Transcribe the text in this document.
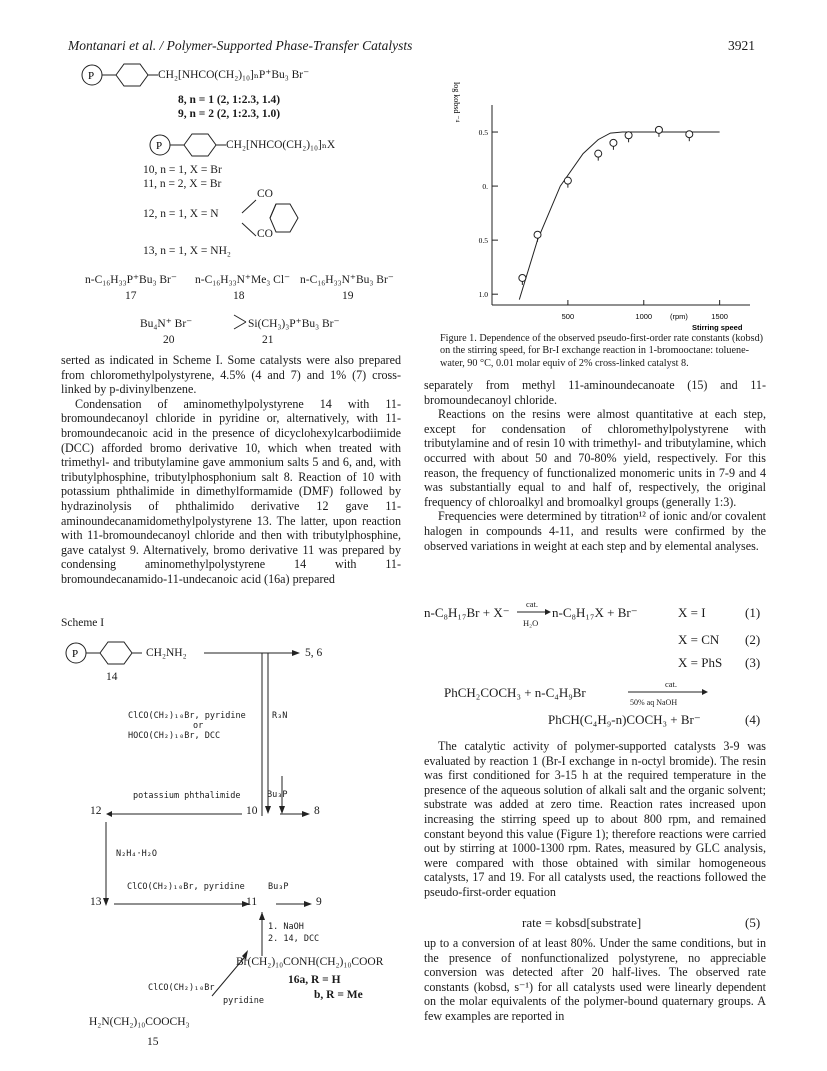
Montanari et al. / Polymer-Supported Phase-Transfer Catalysts	3921
P
P
CH₂[NHCO(CH₂)₁₀]ₙP⁺Bu₃ Br⁻
8, n = 1 (2, 1:2.3, 1.4)
9, n = 2 (2, 1:2.3, 1.0)
CH₂[NHCO(CH₂)₁₀]ₙX
10, n = 1, X = Br
11, n = 2, X = Br
CO
12, n = 1, X = N
CO
13, n = 1, X = NH₂
n-C₁₆H₃₃P⁺Bu₃ Br⁻ n-C₁₆H₃₃N⁺Me₃ Cl⁻ n-C₁₆H₃₃N⁺Bu₃ Br⁻
17	18	19
Bu₄N⁺ Br⁻	Si(CH₃)₃P⁺Bu₃ Br⁻
20	21

serted as indicated in Scheme I. Some catalysts were also prepared from chloromethylpolystyrene, 4.5% (4 and 7) and 1% (7) cross-linked by p-divinylbenzene.

Condensation of aminomethylpolystyrene 14 with 11-bromoundecanoyl chloride in pyridine or, alternatively, with 11-bromoundecanoic acid in the presence of dicyclohexylcarbodiimide (DCC) afforded bromo derivative 10, which when treated with trimethyl- and tributylamine gave ammonium salts 5 and 6, and, with tributylphosphine, tributylphosphonium salt 8. Reaction of 10 with potassium phthalimide in dimethylformamide (DMF) followed by hydrazinolysis of phthalimido derivative 12 gave 11-aminoundecanamidomethylpolystyrene 13. The latter, upon reaction with 11-bromoundecanoyl chloride and then with tributylphosphine, gave catalyst 9. Alternatively, bromo derivative 11 was prepared by condensing aminomethylpolystyrene 14 with 11-bromoundecanamido-11-undecanoic acid (16a) prepared

Scheme I
P	CH₂NH₂	5, 6
14
ClCO(CH₂)₁₀Br, pyridine
or
HOCO(CH₂)₁₀Br, DCC
R₃N
potassium phthalimide	Bu₃P
12	10	8
N₂H₄·H₂O
ClCO(CH₂)₁₀Br, pyridine	Bu₃P
13	11	9
1. NaOH
2. 14, DCC
Br(CH₂)₁₀CONH(CH₂)₁₀COOR
ClCO(CH₂)₁₀Br
pyridine
16a, R = H
b, R = Me
H₂N(CH₂)₁₀COOCH₃
15
0.5
0.
0.5
1.0
500	1000	1500
log kobsd ⁻⁴
(rpm)
Stirring speed
Figure 1. Dependence of the observed pseudo-first-order rate constants (kobsd) on the stirring speed, for Br-I exchange reaction in 1-bromooctane: toluene-water, 90 °C, 0.01 molar equiv of 2% cross-linked catalyst 8.

separately from methyl 11-aminoundecanoate (15) and 11-bromoundecanoyl chloride.

Reactions on the resins were almost quantitative at each step, except for condensation of chloromethylpolystyrene with tributylamine and of resin 10 with trimethyl- and tributylamine, which occurred with about 50 and 70-80% yield, respectively. For this reason, the frequency of functionalized monomeric units in 7-9 and 4 was substantially equal to and half of, respectively, the original frequency of chloroalkyl and bromoalkyl groups (generally 1:3).

Frequencies were determined by titration¹² of ionic and/or covalent halogen in compounds 4-11, and results were confirmed by the observed variations in weight at each step and by elemental analyses.

n-C₈H₁₇Br + X⁻
cat.
H₂O
n-C₈H₁₇X + Br⁻	X = I	(1)
X = CN (2)
X = PhS (3)
PhCH₂COCH₃ + n-C₄H₉Br
cat.
50% aq NaOH
PhCH(C₄H₉-n)COCH₃ + Br⁻	(4)

The catalytic activity of polymer-supported catalysts 3-9 was evaluated by reaction 1 (Br-I exchange in n-octyl bromide). The resin was first conditioned for 3-15 h at the required temperature in the presence of the aqueous solution of alkali salt and the organic solvent; substrate was added at zero time. Reaction rates increased upon increasing the stirring speed up to about 800 rpm, and remained constant beyond this value (Figure 1); therefore reactions were carried out by stirring at 1000-1300 rpm. Rates, measured by GLC analysis, were compared with those obtained with similar homogeneous catalysts, 17 and 19. For all catalysts used, the reactions followed the pseudo-first-order equation

rate = kobsd[substrate]	(5)

up to a conversion of at least 80%. Under the same conditions, but in the presence of nonfunctionalized polystyrene, no appreciable conversion was detected after 20 half-lives. The observed rate constants (kobsd, s⁻¹) for all catalysts used were linearly dependent on the molar equivalents of the polymer-bound quaternary groups. A few examples are reported in
